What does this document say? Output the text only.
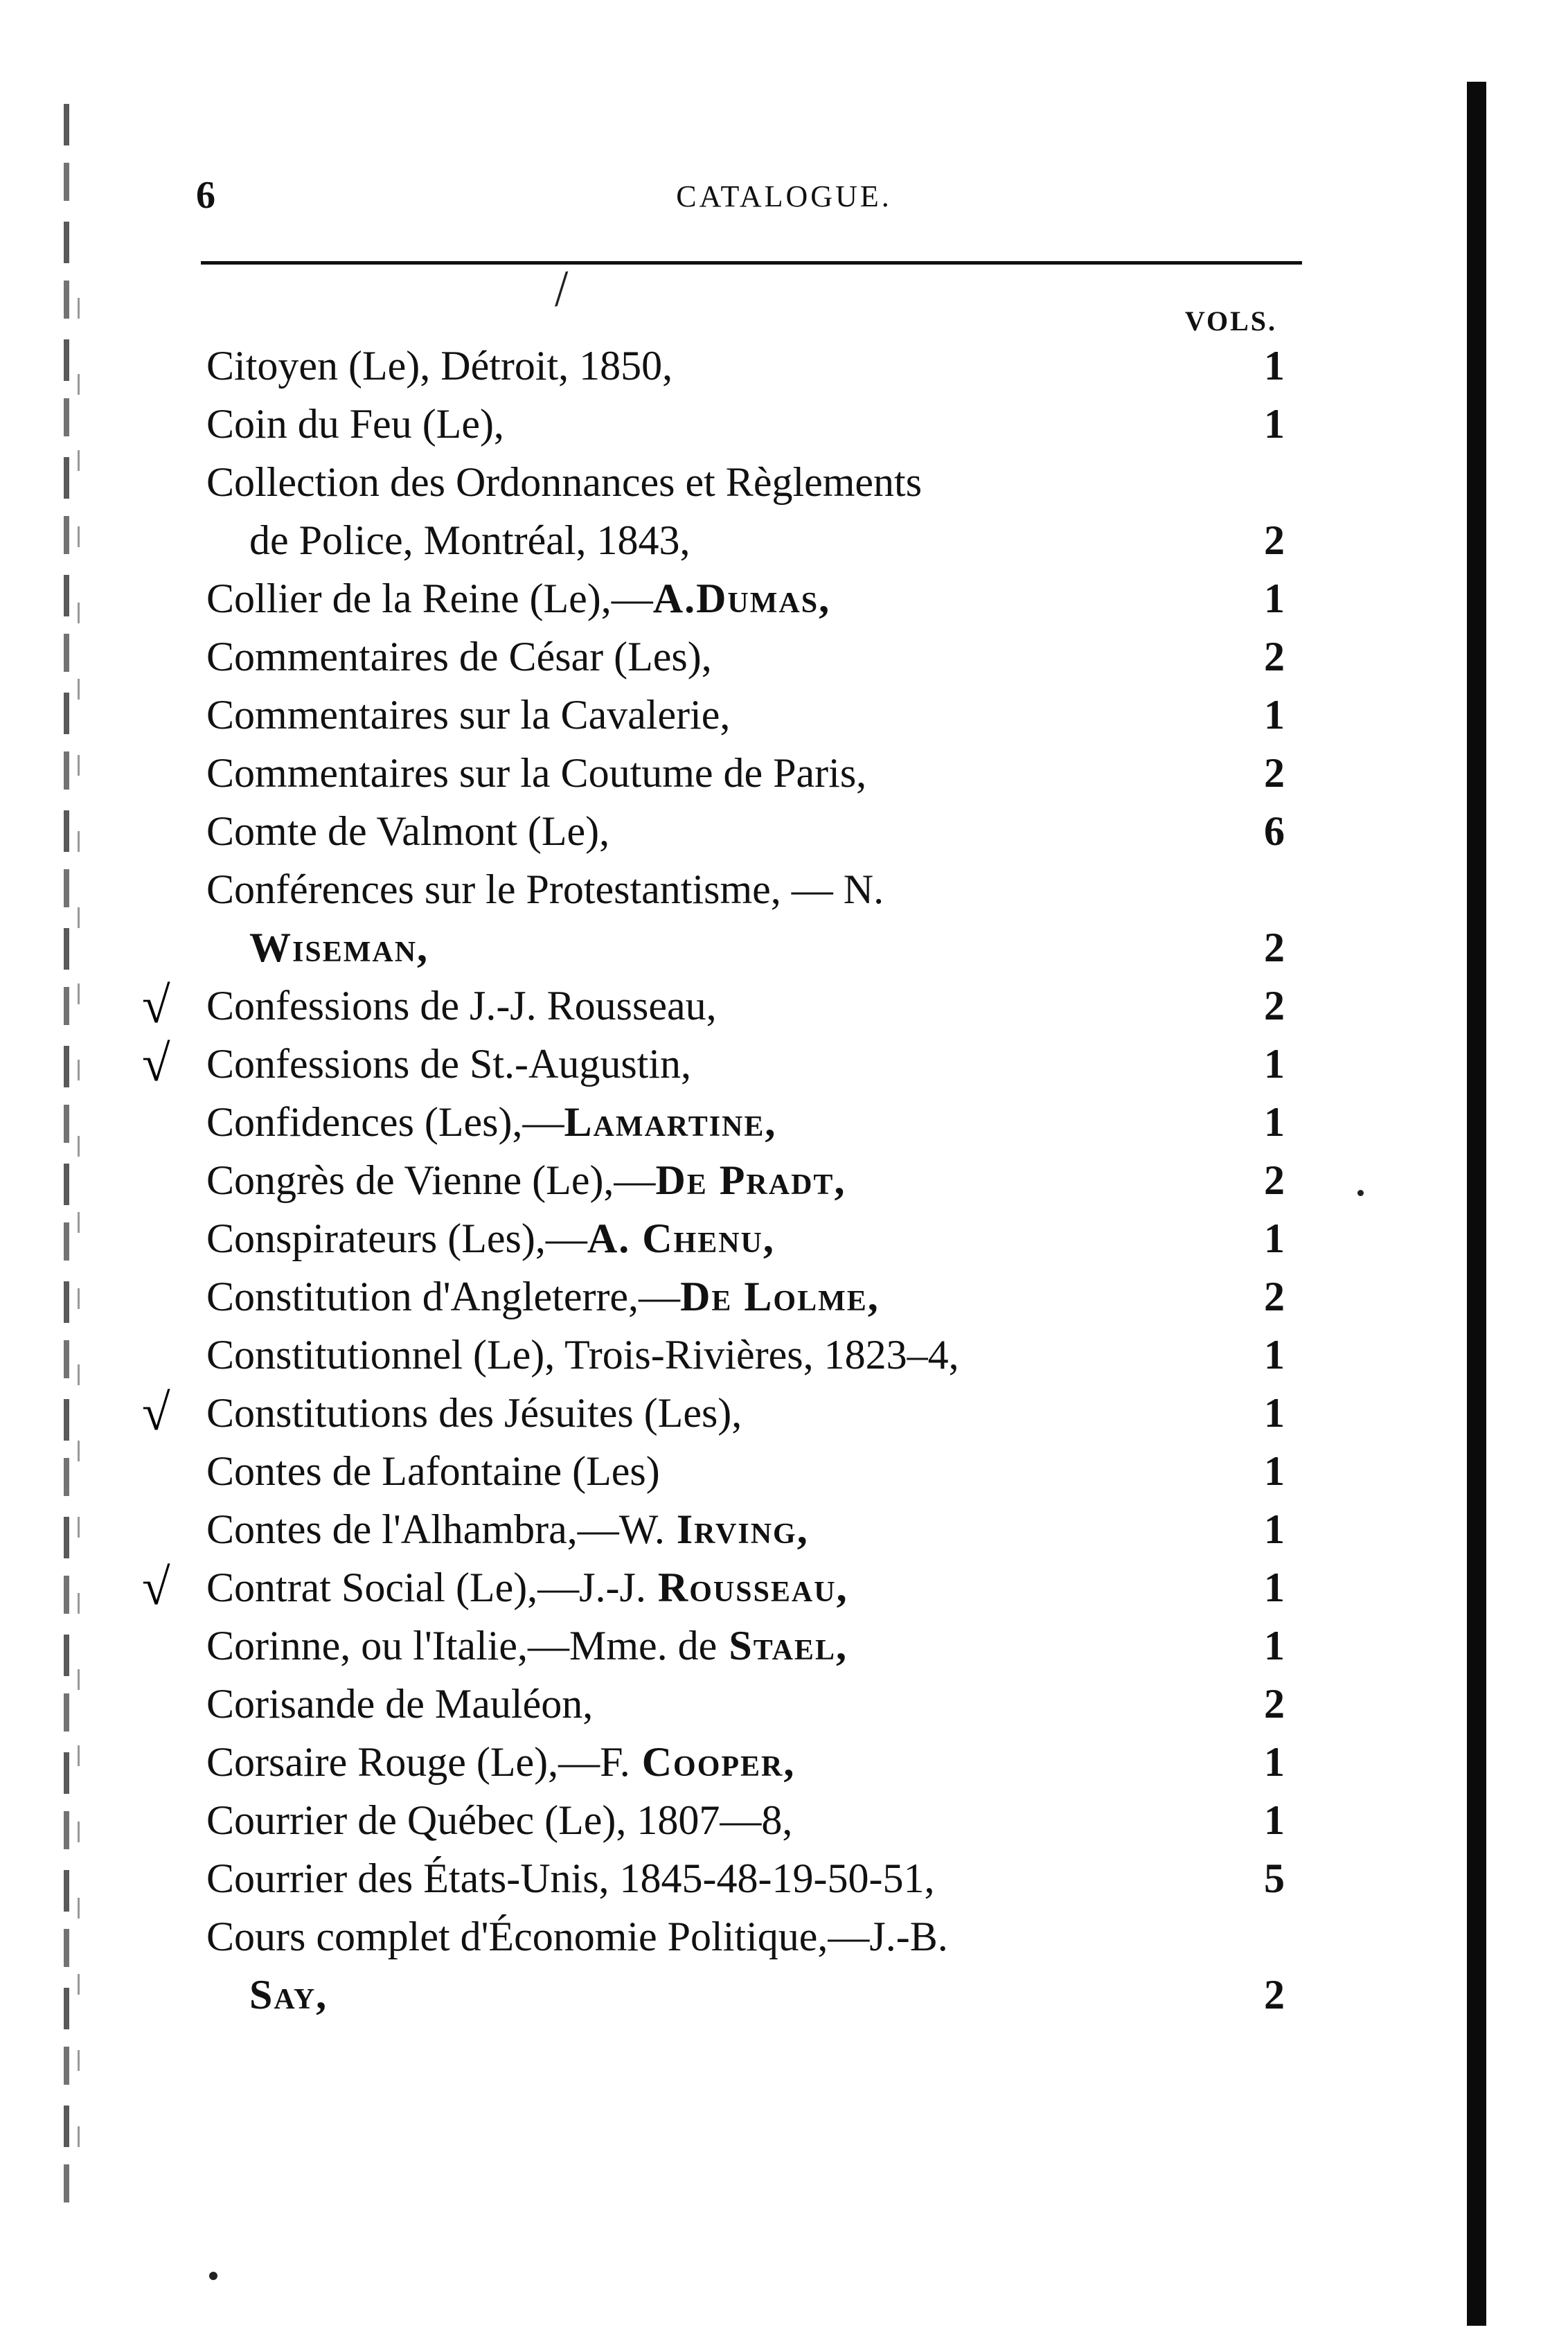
6	CATALOGUE.
/
VOLS.
Citoyen (Le), Détroit, 1850,	1
Coin du Feu (Le),	1
Collection des Ordonnances et Règlements
de Police, Montréal, 1843,	2
Collier de la Reine (Le),—A.Dumas,	1
Commentaires de César (Les),	2
Commentaires sur la Cavalerie,	1
Commentaires sur la Coutume de Paris,	2
Comte de Valmont (Le),	6
Conférences sur le Protestantisme, — N.
Wiseman,	2
√ Confessions de J.-J. Rousseau,	2
√ Confessions de St.-Augustin,	1
Confidences (Les),—Lamartine,	1
Congrès de Vienne (Le),—De Pradt,	2
Conspirateurs (Les),—A. Chenu,	1
Constitution d'Angleterre,—De Lolme,	2
Constitutionnel (Le), Trois-Rivières, 1823–4,	1
√ Constitutions des Jésuites (Les),	1
Contes de Lafontaine (Les)	1
Contes de l'Alhambra,—W. Irving,	1
√ Contrat Social (Le),—J.-J. Rousseau,	1
Corinne, ou l'Italie,—Mme. de Stael,	1
Corisande de Mauléon,	2
Corsaire Rouge (Le),—F. Cooper,	1
Courrier de Québec (Le), 1807—8,	1
Courrier des États-Unis, 1845-48-19-50-51,	5
Cours complet d'Économie Politique,—J.-B.
Say,	2
